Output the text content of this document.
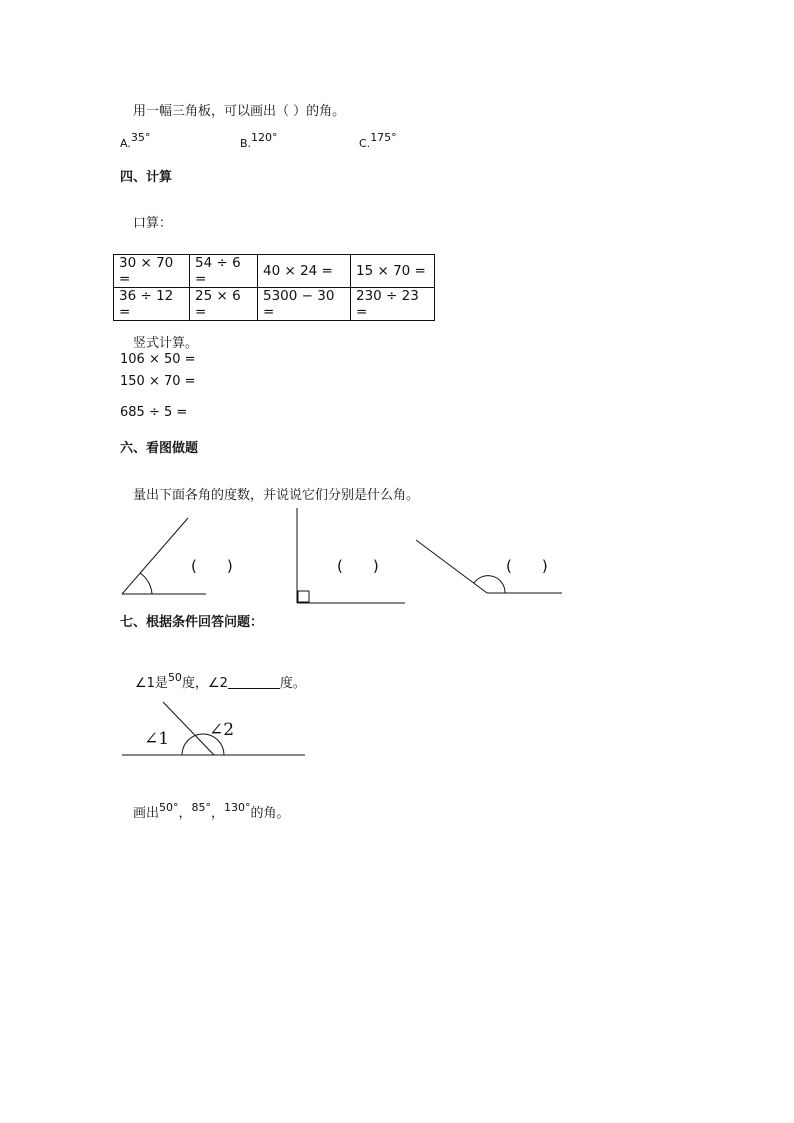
用一幅三角板，可以画出（ ）的角。
A.$^{35^\circ}$	B.$^{120^\circ}$	C.$^{175^\circ}$
四、计算
口算：
30 × 70 =	54 ÷ 6 =	40 × 24 =	15 × 70 =
36 ÷ 12 =	25 × 6 =	5300 − 30 =	230 ÷ 23 =
竖式计算。
106 × 50 =
150 × 70 =
685 ÷ 5 =
六、看图做题
量出下面各角的度数，并说说它们分别是什么角。
(　　)	(　　)	(　　)
七、根据条件回答问题：
∠1是$^{50}$度，∠2	度。
∠1 ∠2
画出$^{50^\circ}$，$^{85^\circ}$，$^{130^\circ}$的角。
